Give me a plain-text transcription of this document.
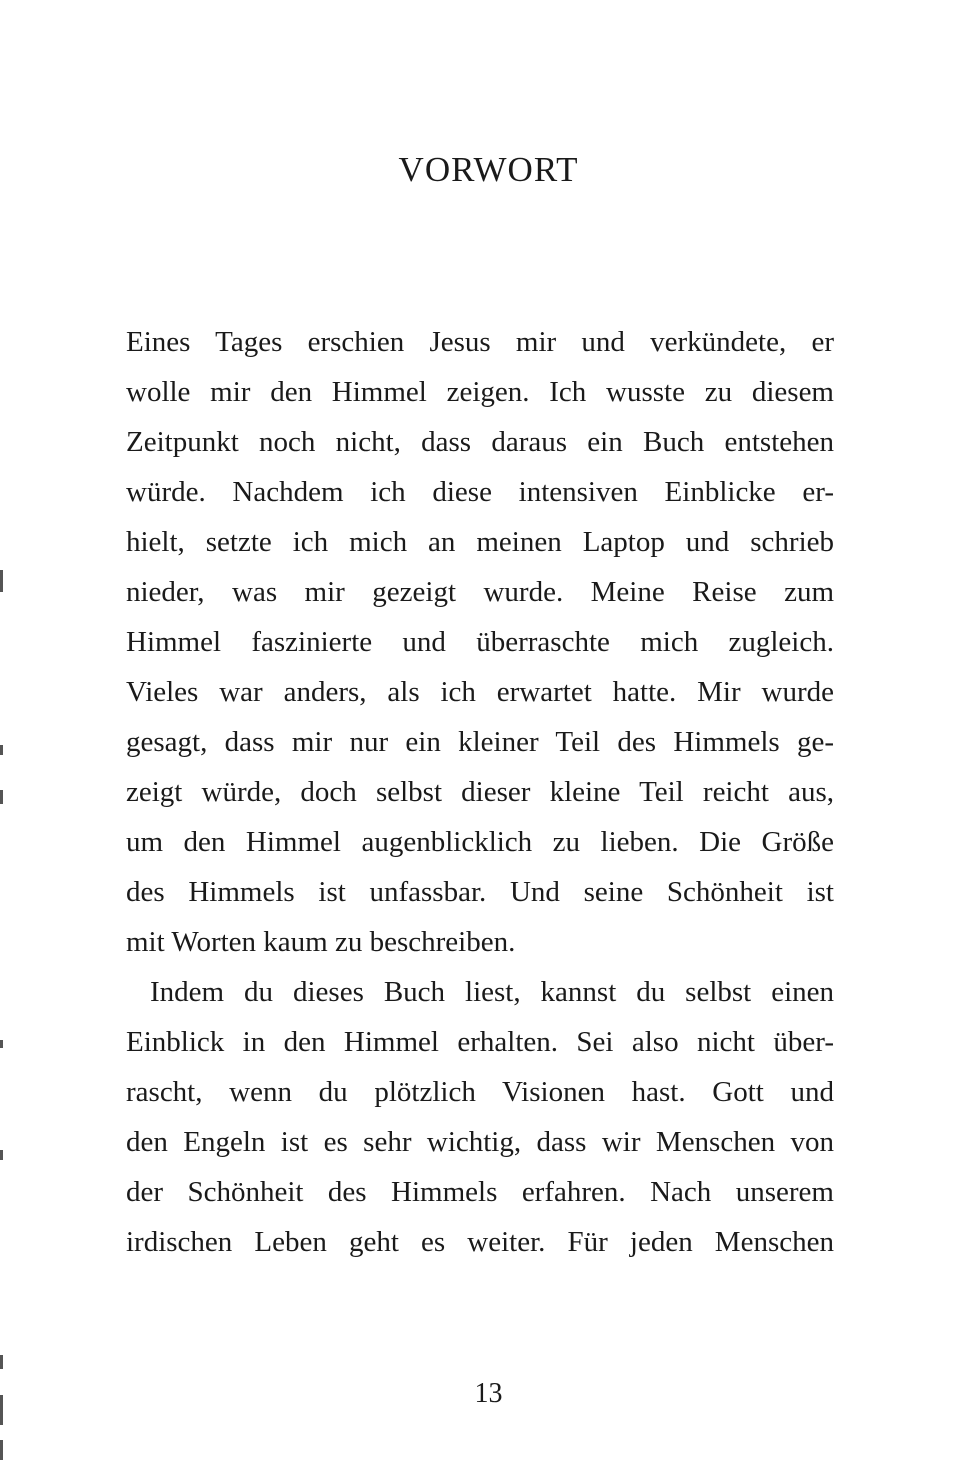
VORWORT

Eines Tages erschien Jesus mir und verkündete, er
wolle mir den Himmel zeigen. Ich wusste zu diesem
Zeitpunkt noch nicht, dass daraus ein Buch entstehen
würde. Nachdem ich diese intensiven Einblicke er-
hielt, setzte ich mich an meinen Laptop und schrieb
nieder, was mir gezeigt wurde. Meine Reise zum
Himmel faszinierte und überraschte mich zugleich.
Vieles war anders, als ich erwartet hatte. Mir wurde
gesagt, dass mir nur ein kleiner Teil des Himmels ge-
zeigt würde, doch selbst dieser kleine Teil reicht aus,
um den Himmel augenblicklich zu lieben. Die Größe
des Himmels ist unfassbar. Und seine Schönheit ist
mit Worten kaum zu beschreiben.

Indem du dieses Buch liest, kannst du selbst einen
Einblick in den Himmel erhalten. Sei also nicht über-
rascht, wenn du plötzlich Visionen hast. Gott und
den Engeln ist es sehr wichtig, dass wir Menschen von
der Schönheit des Himmels erfahren. Nach unserem
irdischen Leben geht es weiter. Für jeden Menschen

13
